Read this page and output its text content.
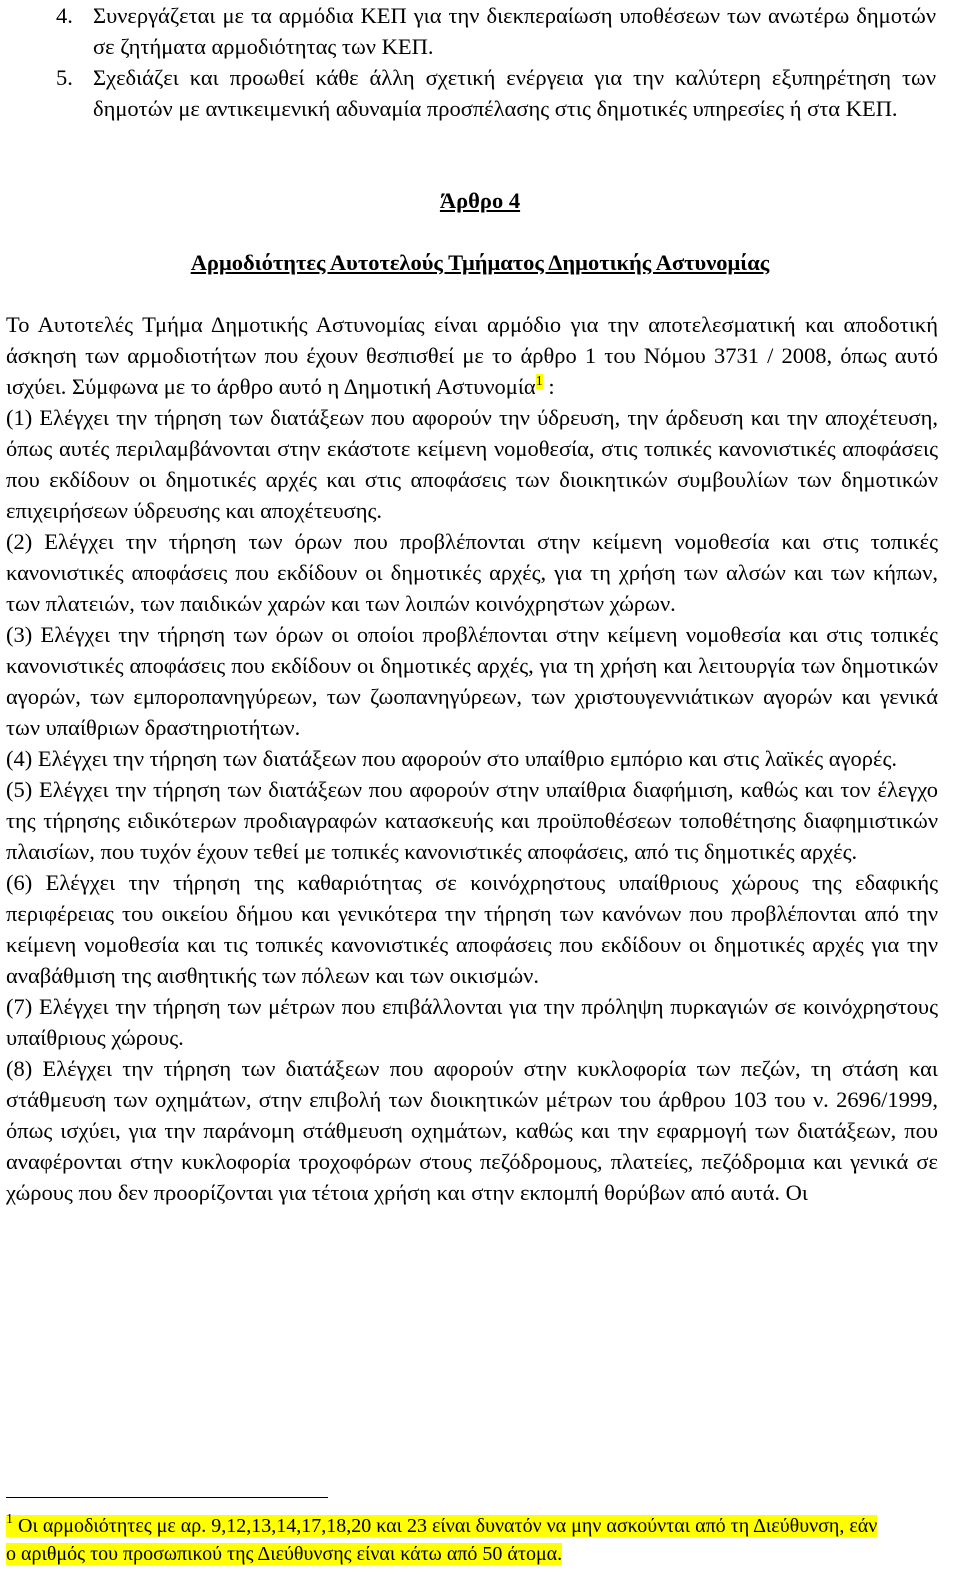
4. Συνεργάζεται με τα αρμόδια ΚΕΠ για την διεκπεραίωση υποθέσεων των ανωτέρω δημοτών σε ζητήματα αρμοδιότητας των ΚΕΠ.
5. Σχεδιάζει και προωθεί κάθε άλλη σχετική ενέργεια για την καλύτερη εξυπηρέτηση των δημοτών με αντικειμενική αδυναμία προσπέλασης στις δημοτικές υπηρεσίες ή στα ΚΕΠ.
Άρθρο 4
Αρμοδιότητες Αυτοτελούς Τμήματος Δημοτικής Αστυνομίας
Το Αυτοτελές Τμήμα Δημοτικής Αστυνομίας είναι αρμόδιο για την αποτελεσματική και αποδοτική άσκηση των αρμοδιοτήτων που έχουν θεσπισθεί με το άρθρο 1 του Νόμου 3731 / 2008, όπως αυτό ισχύει. Σύμφωνα με το άρθρο αυτό η Δημοτική Αστυνομία$^1$ :
(1) Ελέγχει την τήρηση των διατάξεων που αφορούν την ύδρευση, την άρδευση και την αποχέτευση, όπως αυτές περιλαμβάνονται στην εκάστοτε κείμενη νομοθεσία, στις τοπικές κανονιστικές αποφάσεις που εκδίδουν οι δημοτικές αρχές και στις αποφάσεις των διοικητικών συμβουλίων των δημοτικών επιχειρήσεων ύδρευσης και αποχέτευσης.
(2) Ελέγχει την τήρηση των όρων που προβλέπονται στην κείμενη νομοθεσία και στις τοπικές κανονιστικές αποφάσεις που εκδίδουν οι δημοτικές αρχές, για τη χρήση των αλσών και των κήπων, των πλατειών, των παιδικών χαρών και των λοιπών κοινόχρηστων χώρων.
(3) Ελέγχει την τήρηση των όρων οι οποίοι προβλέπονται στην κείμενη νομοθεσία και στις τοπικές κανονιστικές αποφάσεις που εκδίδουν οι δημοτικές αρχές, για τη χρήση και λειτουργία των δημοτικών αγορών, των εμποροπανηγύρεων, των ζωοπανηγύρεων, των χριστουγεννιάτικων αγορών και γενικά των υπαίθριων δραστηριοτήτων.
(4) Ελέγχει την τήρηση των διατάξεων που αφορούν στο υπαίθριο εμπόριο και στις λαϊκές αγορές.
(5) Ελέγχει την τήρηση των διατάξεων που αφορούν στην υπαίθρια διαφήμιση, καθώς και τον έλεγχο της τήρησης ειδικότερων προδιαγραφών κατασκευής και προϋποθέσεων τοποθέτησης διαφημιστικών πλαισίων, που τυχόν έχουν τεθεί με τοπικές κανονιστικές αποφάσεις, από τις δημοτικές αρχές.
(6) Ελέγχει την τήρηση της καθαριότητας σε κοινόχρηστους υπαίθριους χώρους της εδαφικής περιφέρειας του οικείου δήμου και γενικότερα την τήρηση των κανόνων που προβλέπονται από την κείμενη νομοθεσία και τις τοπικές κανονιστικές αποφάσεις που εκδίδουν οι δημοτικές αρχές για την αναβάθμιση της αισθητικής των πόλεων και των οικισμών.
(7) Ελέγχει την τήρηση των μέτρων που επιβάλλονται για την πρόληψη πυρκαγιών σε κοινόχρηστους υπαίθριους χώρους.
(8) Ελέγχει την τήρηση των διατάξεων που αφορούν στην κυκλοφορία των πεζών, τη στάση και στάθμευση των οχημάτων, στην επιβολή των διοικητικών μέτρων του άρθρου 103 του ν. 2696/1999, όπως ισχύει, για την παράνομη στάθμευση οχημάτων, καθώς και την εφαρμογή των διατάξεων, που αναφέρονται στην κυκλοφορία τροχοφόρων στους πεζόδρομους, πλατείες, πεζόδρομια και γενικά σε χώρους που δεν προορίζονται για τέτοια χρήση και στην εκπομπή θορύβων από αυτά. Οι
$^1$ Οι αρμοδιότητες με αρ. 9,12,13,14,17,18,20 και 23 είναι δυνατόν να μην ασκούνται από τη Διεύθυνση, εάν ο αριθμός του προσωπικού της Διεύθυνσης είναι κάτω από 50 άτομα.
